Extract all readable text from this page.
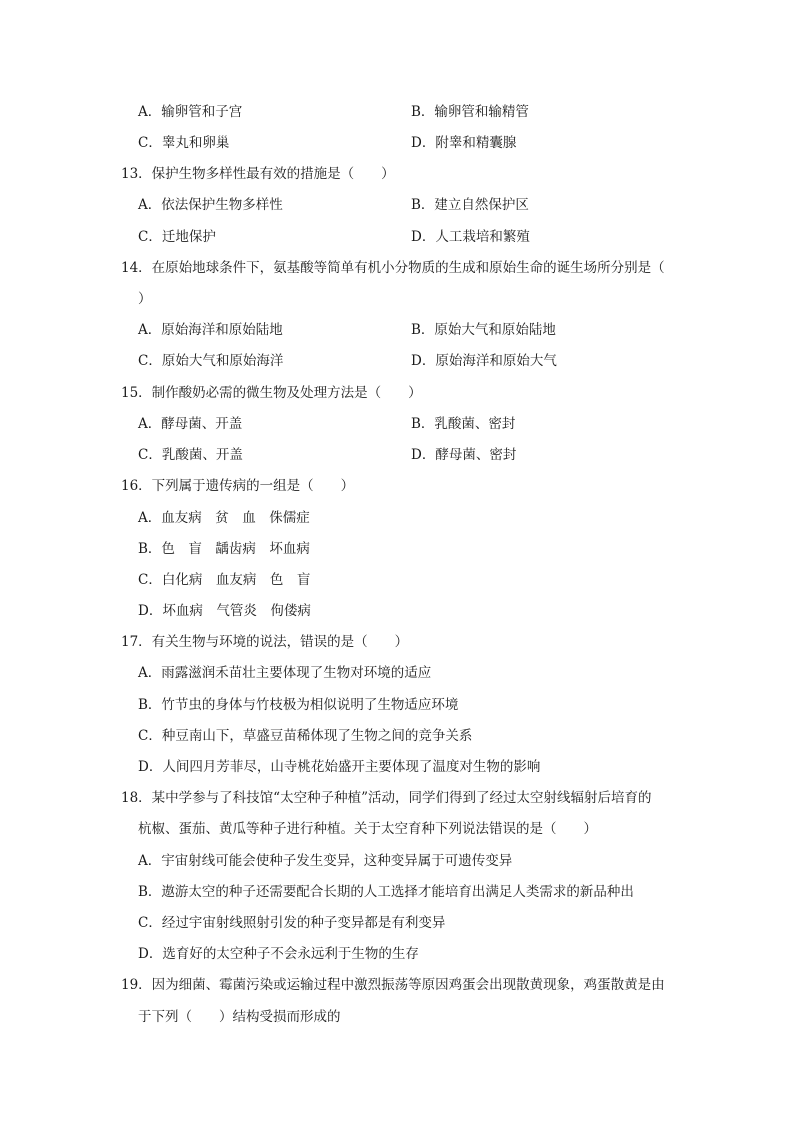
A．输卵管和子宫	B．输卵管和输精管
C．睾丸和卵巢	D．附睾和精囊腺
13．保护生物多样性最有效的措施是（　　）
A．依法保护生物多样性	B．建立自然保护区
C．迁地保护	D．人工栽培和繁殖
14．在原始地球条件下，氨基酸等简单有机小分物质的生成和原始生命的诞生场所分别是（
）
A．原始海洋和原始陆地	B．原始大气和原始陆地
C．原始大气和原始海洋	D．原始海洋和原始大气
15．制作酸奶必需的微生物及处理方法是（　　）
A．酵母菌、开盖	B．乳酸菌、密封
C．乳酸菌、开盖	D．酵母菌、密封
16．下列属于遗传病的一组是（　　）
A．血友病　贫　血　侏儒症
B．色　盲　龋齿病　坏血病
C．白化病　血友病　色　盲
D．坏血病　气管炎　佝偻病
17．有关生物与环境的说法，错误的是（　　）
A．雨露滋润禾苗壮主要体现了生物对环境的适应
B．竹节虫的身体与竹枝极为相似说明了生物适应环境
C．种豆南山下，草盛豆苗稀体现了生物之间的竞争关系
D．人间四月芳菲尽，山寺桃花始盛开主要体现了温度对生物的影响
18．某中学参与了科技馆“太空种子种植”活动，同学们得到了经过太空射线辐射后培育的
杭椒、蛋茄、黄瓜等种子进行种植。关于太空育种下列说法错误的是（　　）
A．宇宙射线可能会使种子发生变异，这种变异属于可遗传变异
B．遨游太空的种子还需要配合长期的人工选择才能培育出满足人类需求的新品种出
C．经过宇宙射线照射引发的种子变异都是有利变异
D．选育好的太空种子不会永远利于生物的生存
19．因为细菌、霉菌污染或运输过程中激烈振荡等原因鸡蛋会出现散黄现象，鸡蛋散黄是由
于下列（　　）结构受损而形成的
